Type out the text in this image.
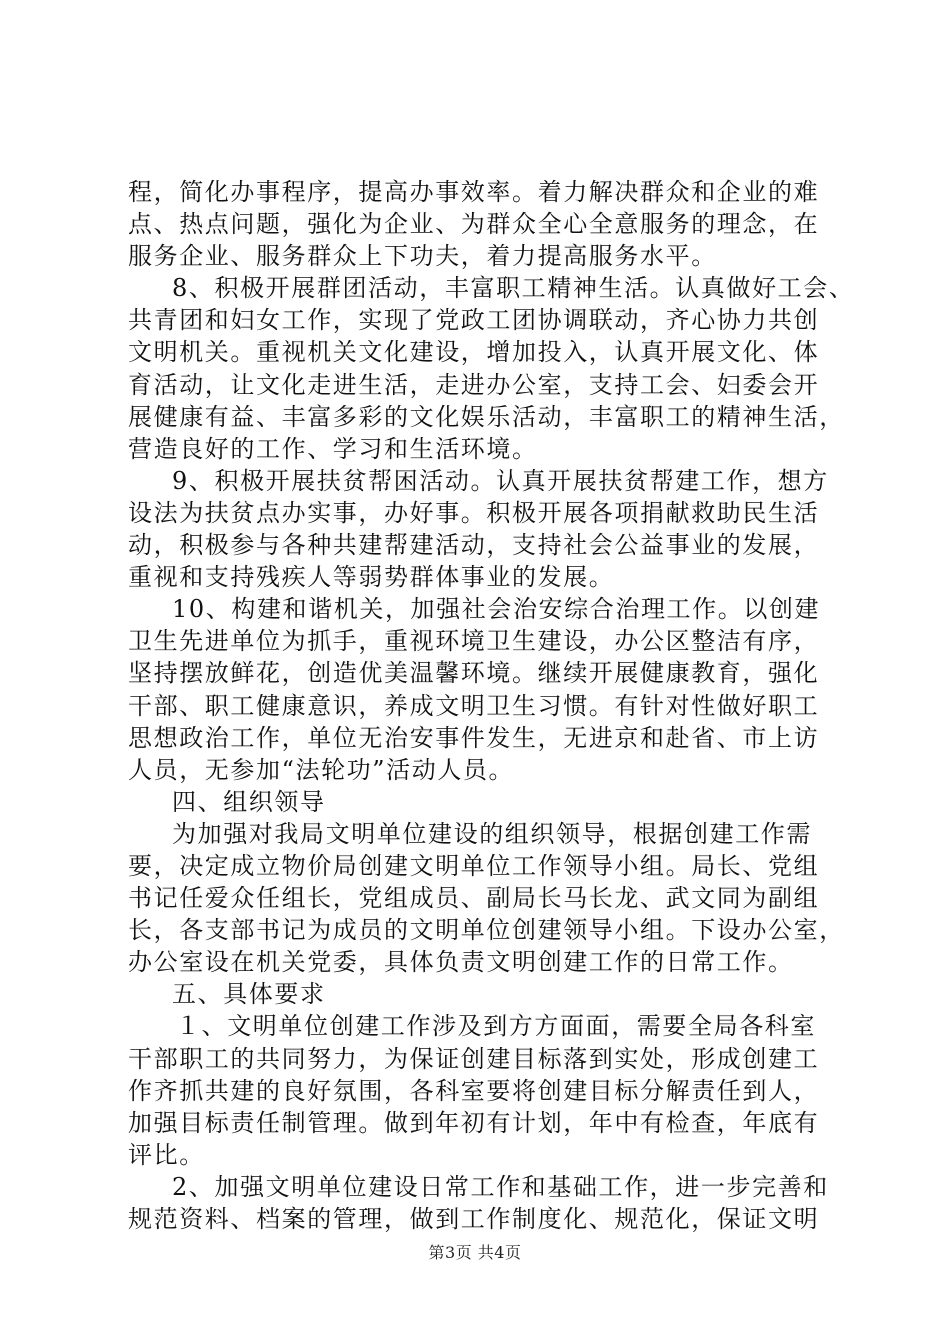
程，简化办事程序，提高办事效率。着力解决群众和企业的难
点、热点问题，强化为企业、为群众全心全意服务的理念，在
服务企业、服务群众上下功夫，着力提高服务水平。
8、积极开展群团活动，丰富职工精神生活。认真做好工会、
共青团和妇女工作，实现了党政工团协调联动，齐心协力共创
文明机关。重视机关文化建设，增加投入，认真开展文化、体
育活动，让文化走进生活，走进办公室，支持工会、妇委会开
展健康有益、丰富多彩的文化娱乐活动，丰富职工的精神生活，
营造良好的工作、学习和生活环境。
9、积极开展扶贫帮困活动。认真开展扶贫帮建工作，想方
设法为扶贫点办实事，办好事。积极开展各项捐献救助民生活
动，积极参与各种共建帮建活动，支持社会公益事业的发展，
重视和支持残疾人等弱势群体事业的发展。
10、构建和谐机关，加强社会治安综合治理工作。以创建
卫生先进单位为抓手，重视环境卫生建设，办公区整洁有序，
坚持摆放鲜花，创造优美温馨环境。继续开展健康教育，强化
干部、职工健康意识，养成文明卫生习惯。有针对性做好职工
思想政治工作，单位无治安事件发生，无进京和赴省、市上访
人员，无参加“法轮功”活动人员。
四、组织领导
为加强对我局文明单位建设的组织领导，根据创建工作需
要，决定成立物价局创建文明单位工作领导小组。局长、党组
书记任爱众任组长，党组成员、副局长马长龙、武文同为副组
长，各支部书记为成员的文明单位创建领导小组。下设办公室，
办公室设在机关党委，具体负责文明创建工作的日常工作。
五、具体要求
１、文明单位创建工作涉及到方方面面，需要全局各科室
干部职工的共同努力，为保证创建目标落到实处，形成创建工
作齐抓共建的良好氛围，各科室要将创建目标分解责任到人，
加强目标责任制管理。做到年初有计划，年中有检查，年底有
评比。
2、加强文明单位建设日常工作和基础工作，进一步完善和
规范资料、档案的管理，做到工作制度化、规范化，保证文明
第3页 共4页
